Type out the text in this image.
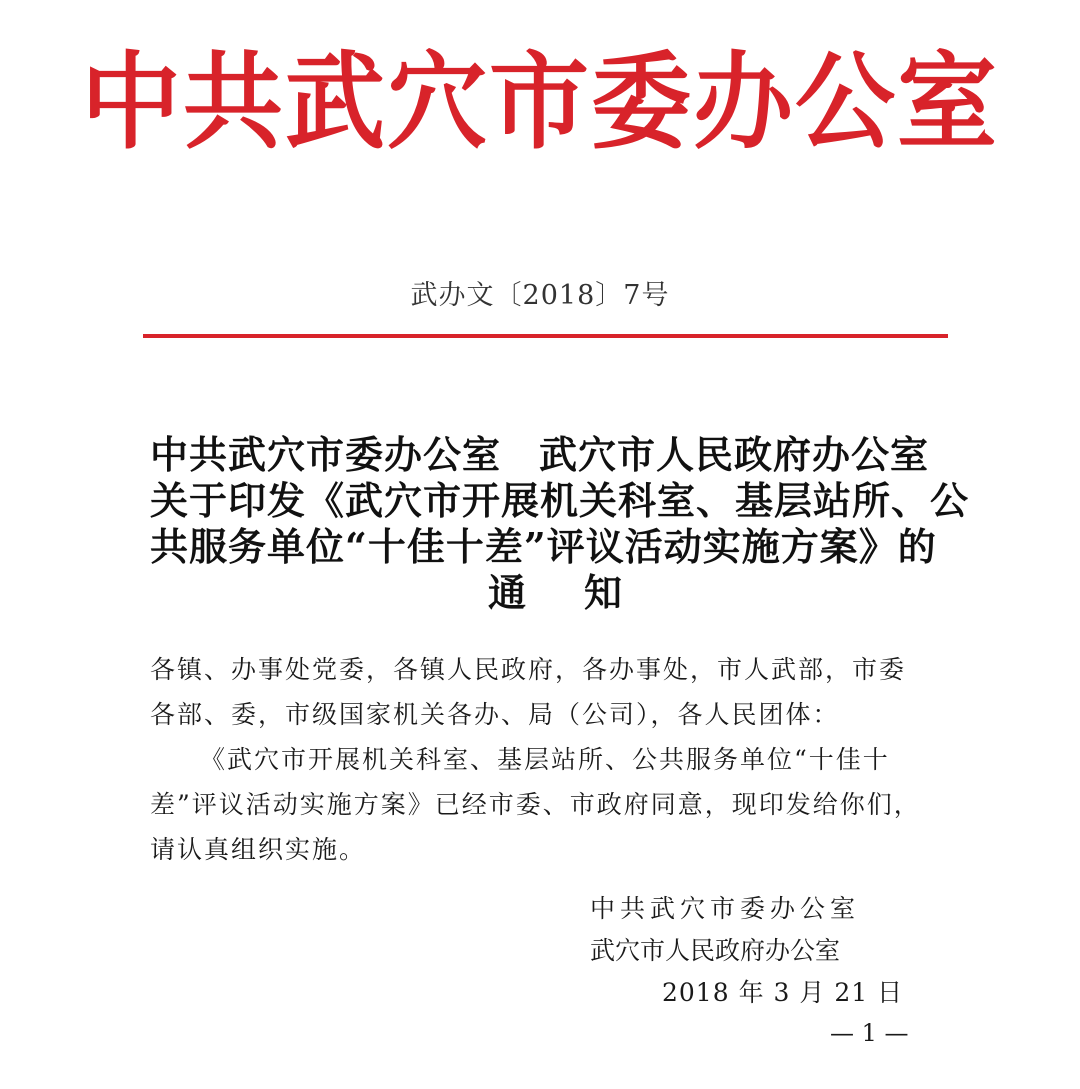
中共武穴市委办公室
武办文〔2018〕7号
中共武穴市委办公室 武穴市人民政府办公室
关于印发《武穴市开展机关科室、基层站所、公
共服务单位“十佳十差”评议活动实施方案》的
通知

各镇、办事处党委，各镇人民政府，各办事处，市人武部，市委
各部、委，市级国家机关各办、局（公司），各人民团体：

《武穴市开展机关科室、基层站所、公共服务单位“十佳十
差”评议活动实施方案》已经市委、市政府同意，现印发给你们，
请认真组织实施。

中共武穴市委办公室
武穴市人民政府办公室
2018 年 3 月 21 日
— 1 —
